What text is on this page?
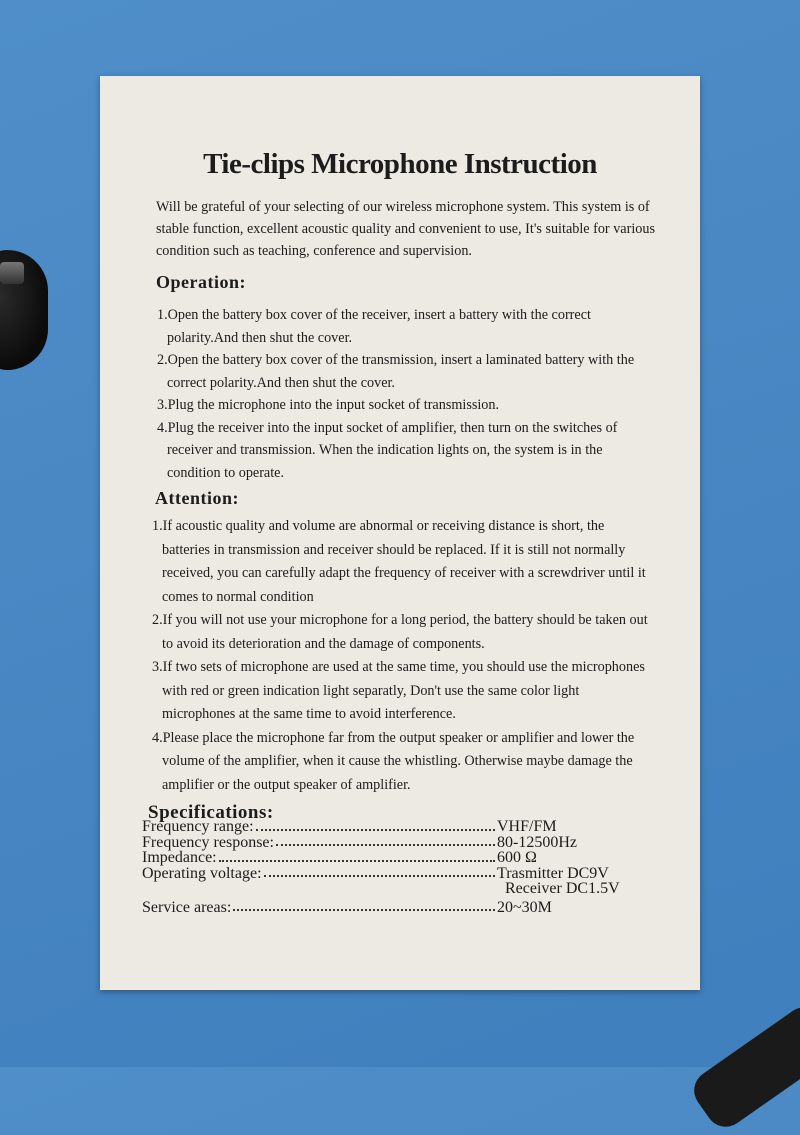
Tie-clips Microphone Instruction
Will be grateful of your selecting of our wireless microphone system. This system is of stable function, excellent acoustic quality and convenient to use, It's suitable for various condition such as teaching, conference and supervision.
Operation:
1.Open the battery box cover of the receiver, insert a battery with the correct polarity.And then shut the cover.
2.Open the battery box cover of the transmission, insert a laminated battery with the correct polarity.And then shut the cover.
3.Plug the microphone into the input socket of transmission.
4.Plug the receiver into the input socket of amplifier, then turn on the switches of receiver and transmission. When the indication lights on, the system is in the condition to operate.
Attention:
1.If acoustic quality and volume are abnormal or receiving distance is short, the batteries in transmission and receiver should be replaced. If it is still not normally received, you can carefully adapt the frequency of receiver with a screwdriver until it comes to normal condition
2.If you will not use your microphone for a long period, the battery should be taken out to avoid its deterioration and the damage of components.
3.If two sets of microphone are used at the same time, you should use the microphones with red or green indication light separatly, Don't use the same color light microphones at the same time to avoid interference.
4.Please place the microphone far from the output speaker or amplifier and lower the volume of the amplifier, when it cause the whistling. Otherwise maybe damage the amplifier or the output speaker of amplifier.
Specifications:
Frequency range:	VHF/FM
Frequency response:	80-12500Hz
Impedance:	600 Ω
Operating voltage:	Trasmitter DC9V
Receiver DC1.5V
Service areas:	20~30M
